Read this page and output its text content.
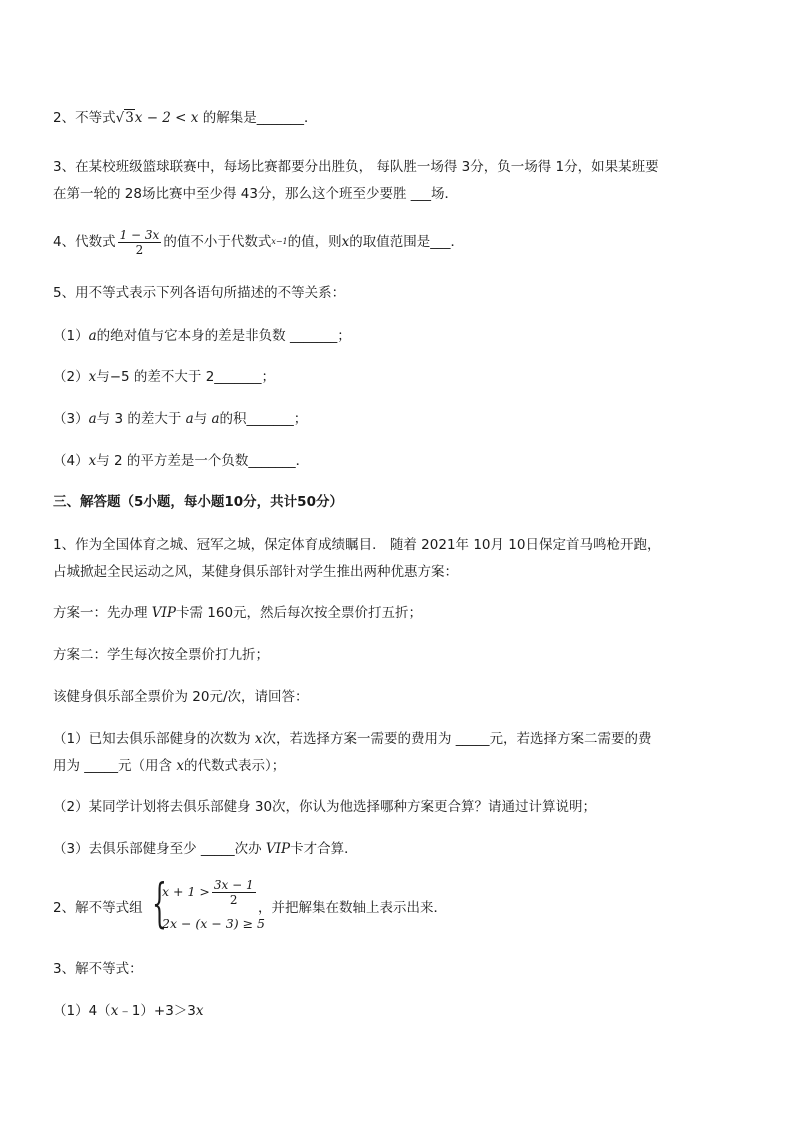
2、不等式√3x − 2 < x 的解集是_______．
3、在某校班级篮球联赛中，每场比赛都要分出胜负， 每队胜一场得 3分，负一场得 1分，如果某班要
在第一轮的 28场比赛中至少得 43分，那么这个班至少要胜 ___场．
4、代数式 $\frac{1 - 3x}{2}$ 的值不小于代数式x−1的值，则x的取值范围是___．
5、用不等式表示下列各语句所描述的不等关系：
（1）a的绝对值与它本身的差是非负数 _______；
（2）x与−5 的差不大于 2_______；
（3）a与 3 的差大于 a与 a的积_______；
（4）x与 2 的平方差是一个负数_______．
三、解答题（5小题，每小题10分，共计50分）
1、作为全国体育之城、冠军之城，保定体育成绩瞩目． 随着 2021年 10月 10日保定首马鸣枪开跑，
占城掀起全民运动之风，某健身俱乐部针对学生推出两种优惠方案：
方案一：先办理 VIP卡需 160元，然后每次按全票价打五折；
方案二：学生每次按全票价打九折；
该健身俱乐部全票价为 20元/次，请回答：
（1）已知去俱乐部健身的次数为 x次，若选择方案一需要的费用为 _____元，若选择方案二需要的费
用为 _____元（用含 x的代数式表示）；
（2）某同学计划将去俱乐部健身 30次，你认为他选择哪种方案更合算？请通过计算说明；
（3）去俱乐部健身至少 _____次办 VIP卡才合算．
2、解不等式组 {
$x + 1 > \frac{3x - 1}{2}$
2x − (x − 3) ≥ 5
，并把解集在数轴上表示出来．
3、解不等式：
（1）4（x﹣1）+3＞3x
